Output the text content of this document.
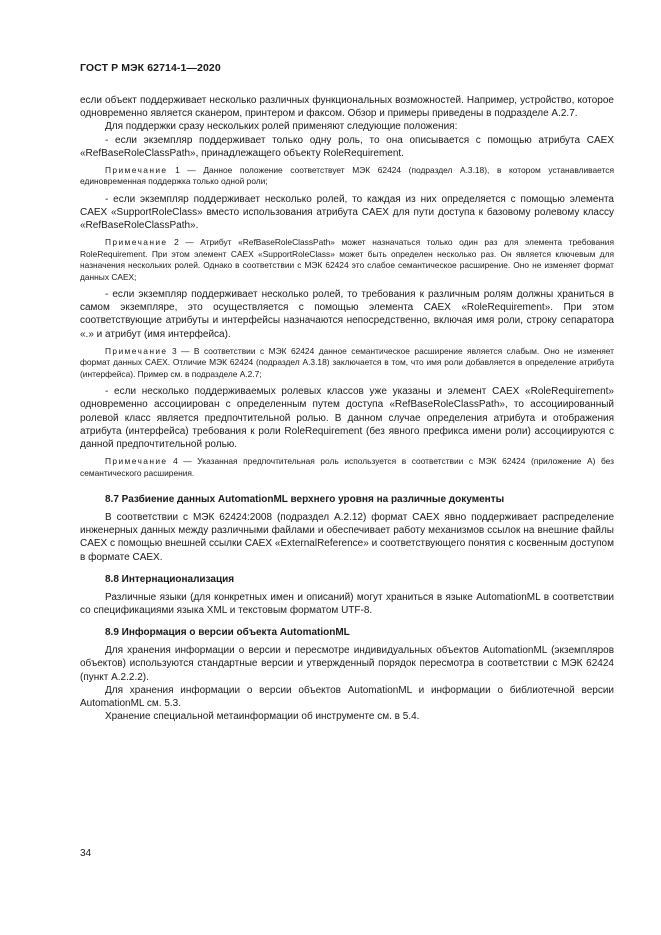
ГОСТ Р МЭК 62714-1—2020

если объект поддерживает несколько различных функциональных возможностей. Например, устройство, которое одновременно является сканером, принтером и факсом. Обзор и примеры приведены в подразделе А.2.7.

Для поддержки сразу нескольких ролей применяют следующие положения:

- если экземпляр поддерживает только одну роль, то она описывается с помощью атрибута CAEX «RefBaseRoleClassPath», принадлежащего объекту RoleRequirement.

Примечание 1 — Данное положение соответствует МЭК 62424 (подраздел А.3.18), в котором устанавливается единовременная поддержка только одной роли;

- если экземпляр поддерживает несколько ролей, то каждая из них определяется с помощью элемента CAEX «SupportRoleClass» вместо использования атрибута CAEX для пути доступа к базовому ролевому классу «RefBaseRoleClassPath».

Примечание 2 — Атрибут «RefBaseRoleClassPath» может назначаться только один раз для элемента требования RoleRequirement. При этом элемент CAEX «SupportRoleClass» может быть определен несколько раз. Он является ключевым для назначения нескольких ролей. Однако в соответствии с МЭК 62424 это слабое семантическое расширение. Оно не изменяет формат данных CAEX;

- если экземпляр поддерживает несколько ролей, то требования к различным ролям должны храниться в самом экземпляре, это осуществляется с помощью элемента CAEX «RoleRequirement». При этом соответствующие атрибуты и интерфейсы назначаются непосредственно, включая имя роли, строку сепаратора «.» и атрибут (имя интерфейса).

Примечание 3 — В соответствии с МЭК 62424 данное семантическое расширение является слабым. Оно не изменяет формат данных CAEX. Отличие МЭК 62424 (подраздел А.3.18) заключается в том, что имя роли добавляется в определение атрибута (интерфейса). Пример см. в подразделе А.2.7;

- если несколько поддерживаемых ролевых классов уже указаны и элемент CAEX «RoleRequirement» одновременно ассоциирован с определенным путем доступа «RefBaseRoleClassPath», то ассоциированный ролевой класс является предпочтительной ролью. В данном случае определения атрибута и отображения атрибута (интерфейса) требования к роли RoleRequirement (без явного префикса имени роли) ассоциируются с данной предпочтительной ролью.

Примечание 4 — Указанная предпочтительная роль используется в соответствии с МЭК 62424 (приложение А) без семантического расширения.

8.7 Разбиение данных AutomationML верхнего уровня на различные документы

В соответствии с МЭК 62424:2008 (подраздел А.2.12) формат CAEX явно поддерживает распределение инженерных данных между различными файлами и обеспечивает работу механизмов ссылок на внешние файлы CAEX с помощью внешней ссылки CAEX «ExternalReference» и соответствующего понятия с косвенным доступом в формате CAEX.

8.8 Интернационализация

Различные языки (для конкретных имен и описаний) могут храниться в языке AutomationML в соответствии со спецификациями языка XML и текстовым форматом UTF-8.

8.9 Информация о версии объекта AutomationML

Для хранения информации о версии и пересмотре индивидуальных объектов AutomationML (экземпляров объектов) используются стандартные версии и утвержденный порядок пересмотра в соответствии с МЭК 62424 (пункт А.2.2.2).

Для хранения информации о версии объектов AutomationML и информации о библиотечной версии AutomationML см. 5.3.

Хранение специальной метаинформации об инструменте см. в 5.4.

34
